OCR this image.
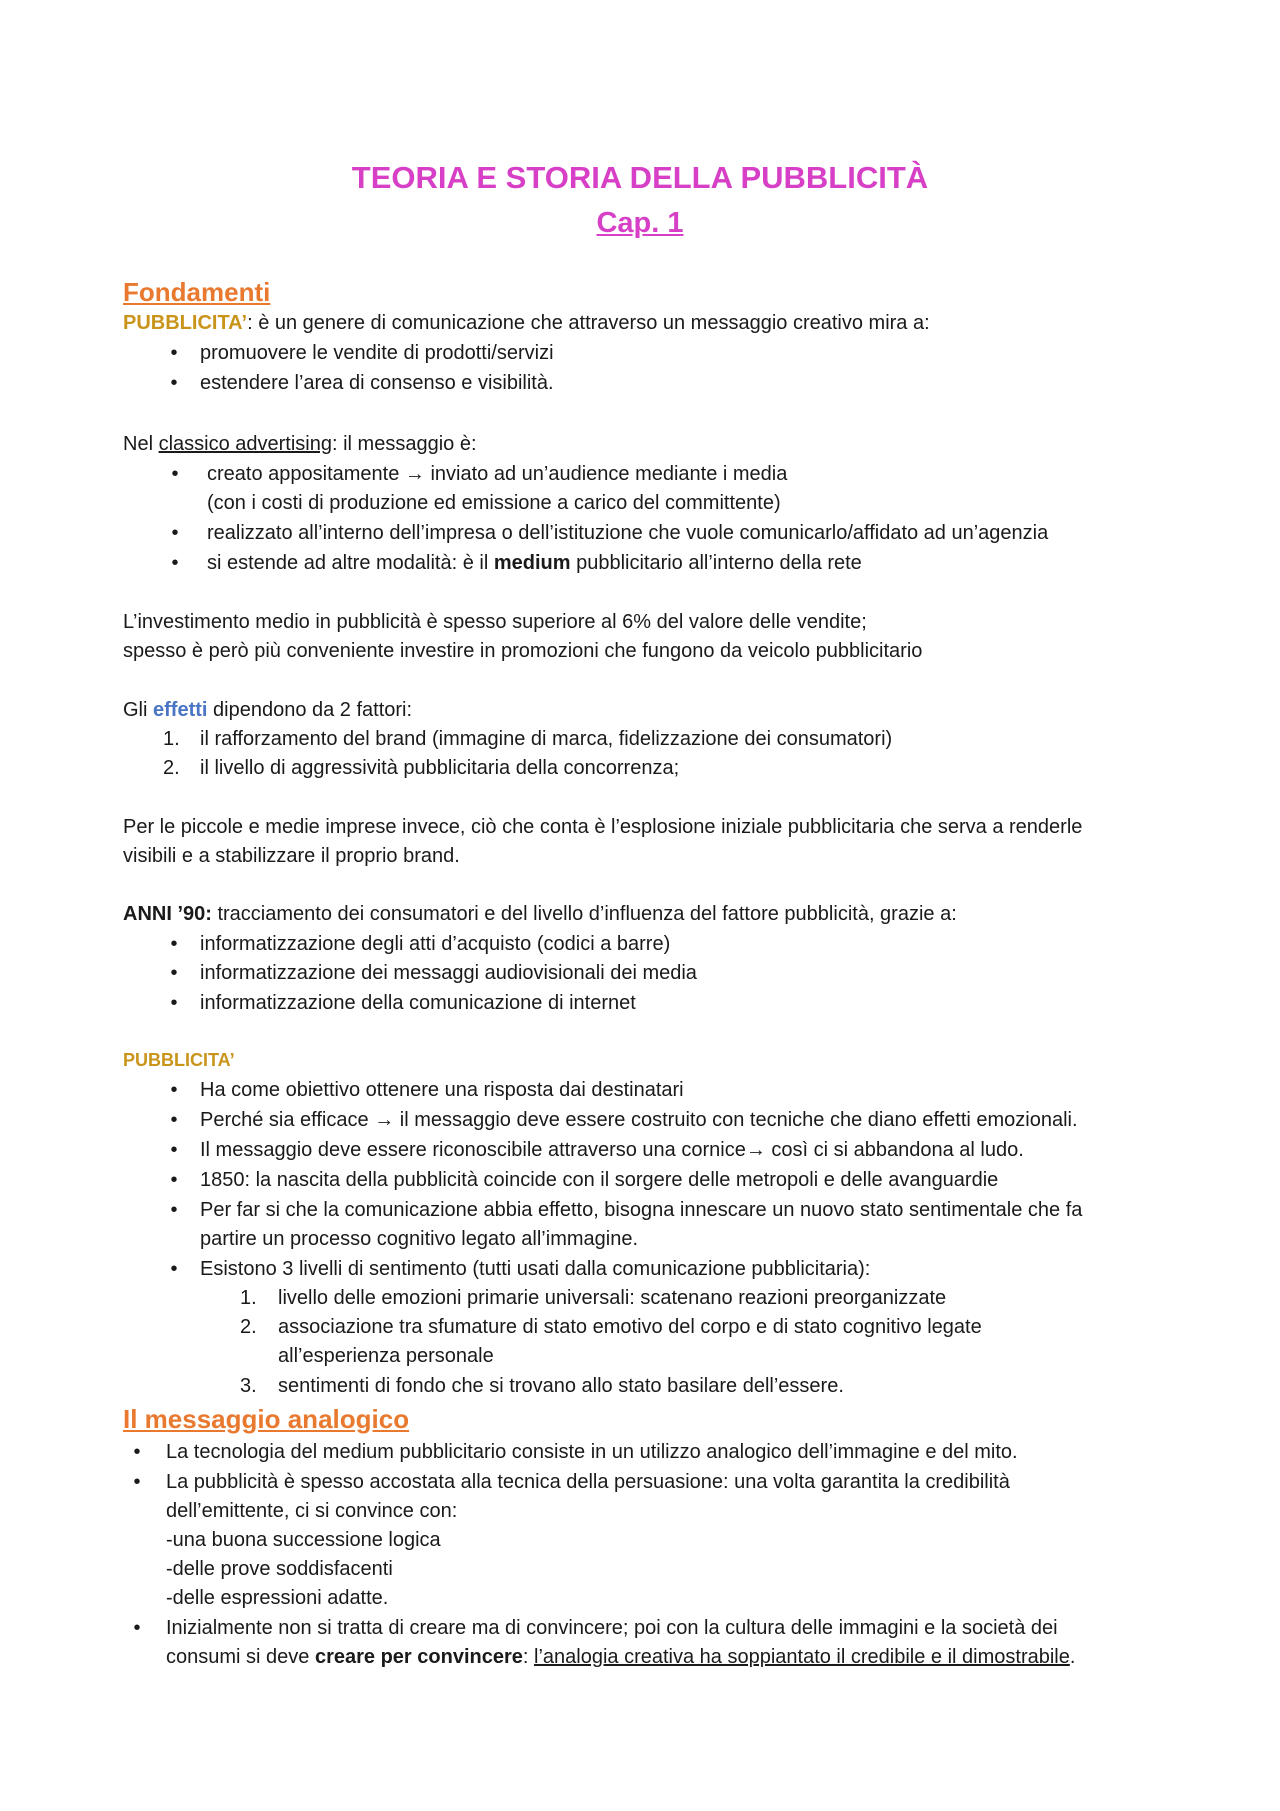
TEORIA E STORIA DELLA PUBBLICITÀ
Cap. 1
Fondamenti
PUBBLICITA’: è un genere di comunicazione che attraverso un messaggio creativo mira a:
• promuovere le vendite di prodotti/servizi
• estendere l’area di consenso e visibilità.
Nel classico advertising: il messaggio è:
• creato appositamente → inviato ad un’audience mediante i media
(con i costi di produzione ed emissione a carico del committente)
• realizzato all’interno dell’impresa o dell’istituzione che vuole comunicarlo/affidato ad un’agenzia
• si estende ad altre modalità: è il medium pubblicitario all’interno della rete
L’investimento medio in pubblicità è spesso superiore al 6% del valore delle vendite;
spesso è però più conveniente investire in promozioni che fungono da veicolo pubblicitario
Gli effetti dipendono da 2 fattori:
1. il rafforzamento del brand (immagine di marca, fidelizzazione dei consumatori)
2. il livello di aggressività pubblicitaria della concorrenza;
Per le piccole e medie imprese invece, ciò che conta è l’esplosione iniziale pubblicitaria che serva a renderle
visibili e a stabilizzare il proprio brand.
ANNI ’90: tracciamento dei consumatori e del livello d’influenza del fattore pubblicità, grazie a:
• informatizzazione degli atti d’acquisto (codici a barre)
• informatizzazione dei messaggi audiovisionali dei media
• informatizzazione della comunicazione di internet
PUBBLICITA’
• Ha come obiettivo ottenere una risposta dai destinatari
• Perché sia efficace → il messaggio deve essere costruito con tecniche che diano effetti emozionali.
• Il messaggio deve essere riconoscibile attraverso una cornice→ così ci si abbandona al ludo.
• 1850: la nascita della pubblicità coincide con il sorgere delle metropoli e delle avanguardie
• Per far si che la comunicazione abbia effetto, bisogna innescare un nuovo stato sentimentale che fa
partire un processo cognitivo legato all’immagine.
• Esistono 3 livelli di sentimento (tutti usati dalla comunicazione pubblicitaria):
1. livello delle emozioni primarie universali: scatenano reazioni preorganizzate
2. associazione tra sfumature di stato emotivo del corpo e di stato cognitivo legate
all’esperienza personale
3. sentimenti di fondo che si trovano allo stato basilare dell’essere.
Il messaggio analogico
• La tecnologia del medium pubblicitario consiste in un utilizzo analogico dell’immagine e del mito.
• La pubblicità è spesso accostata alla tecnica della persuasione: una volta garantita la credibilità
dell’emittente, ci si convince con:
-una buona successione logica
-delle prove soddisfacenti
-delle espressioni adatte.
• Inizialmente non si tratta di creare ma di convincere; poi con la cultura delle immagini e la società dei
consumi si deve creare per convincere: l’analogia creativa ha soppiantato il credibile e il dimostrabile.
